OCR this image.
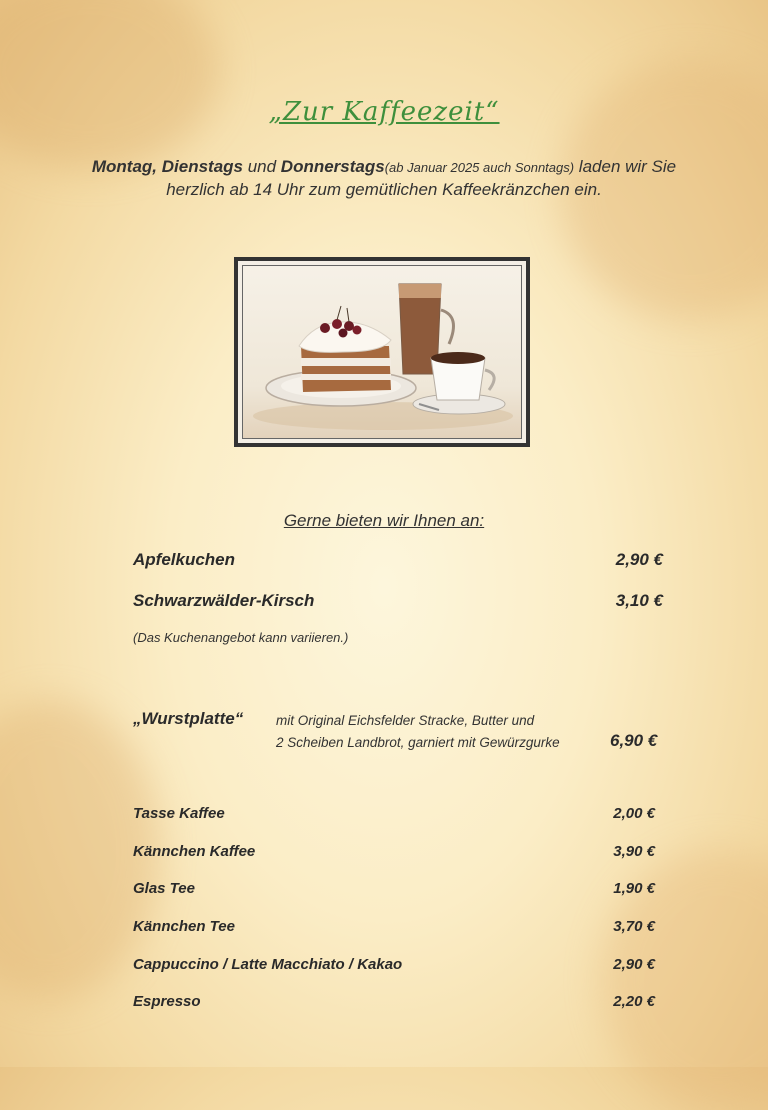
„Zur Kaffeezeit“
Montag, Dienstags und Donnerstags(ab Januar 2025 auch Sonntags) laden wir Sie
herzlich ab 14 Uhr zum gemütlichen Kaffeekränzchen ein.
Gerne bieten wir Ihnen an:
Apfelkuchen	2,90 €
Schwarzwälder-Kirsch	3,10 €
(Das Kuchenangebot kann variieren.)
„Wurstplatte“ mit Original Eichsfelder Stracke, Butter und
2 Scheiben Landbrot, garniert mit Gewürzgurke	6,90 €
Tasse Kaffee	2,00 €
Kännchen Kaffee	3,90 €
Glas Tee	1,90 €
Kännchen Tee	3,70 €
Cappuccino / Latte Macchiato / Kakao	2,90 €
Espresso	2,20 €
